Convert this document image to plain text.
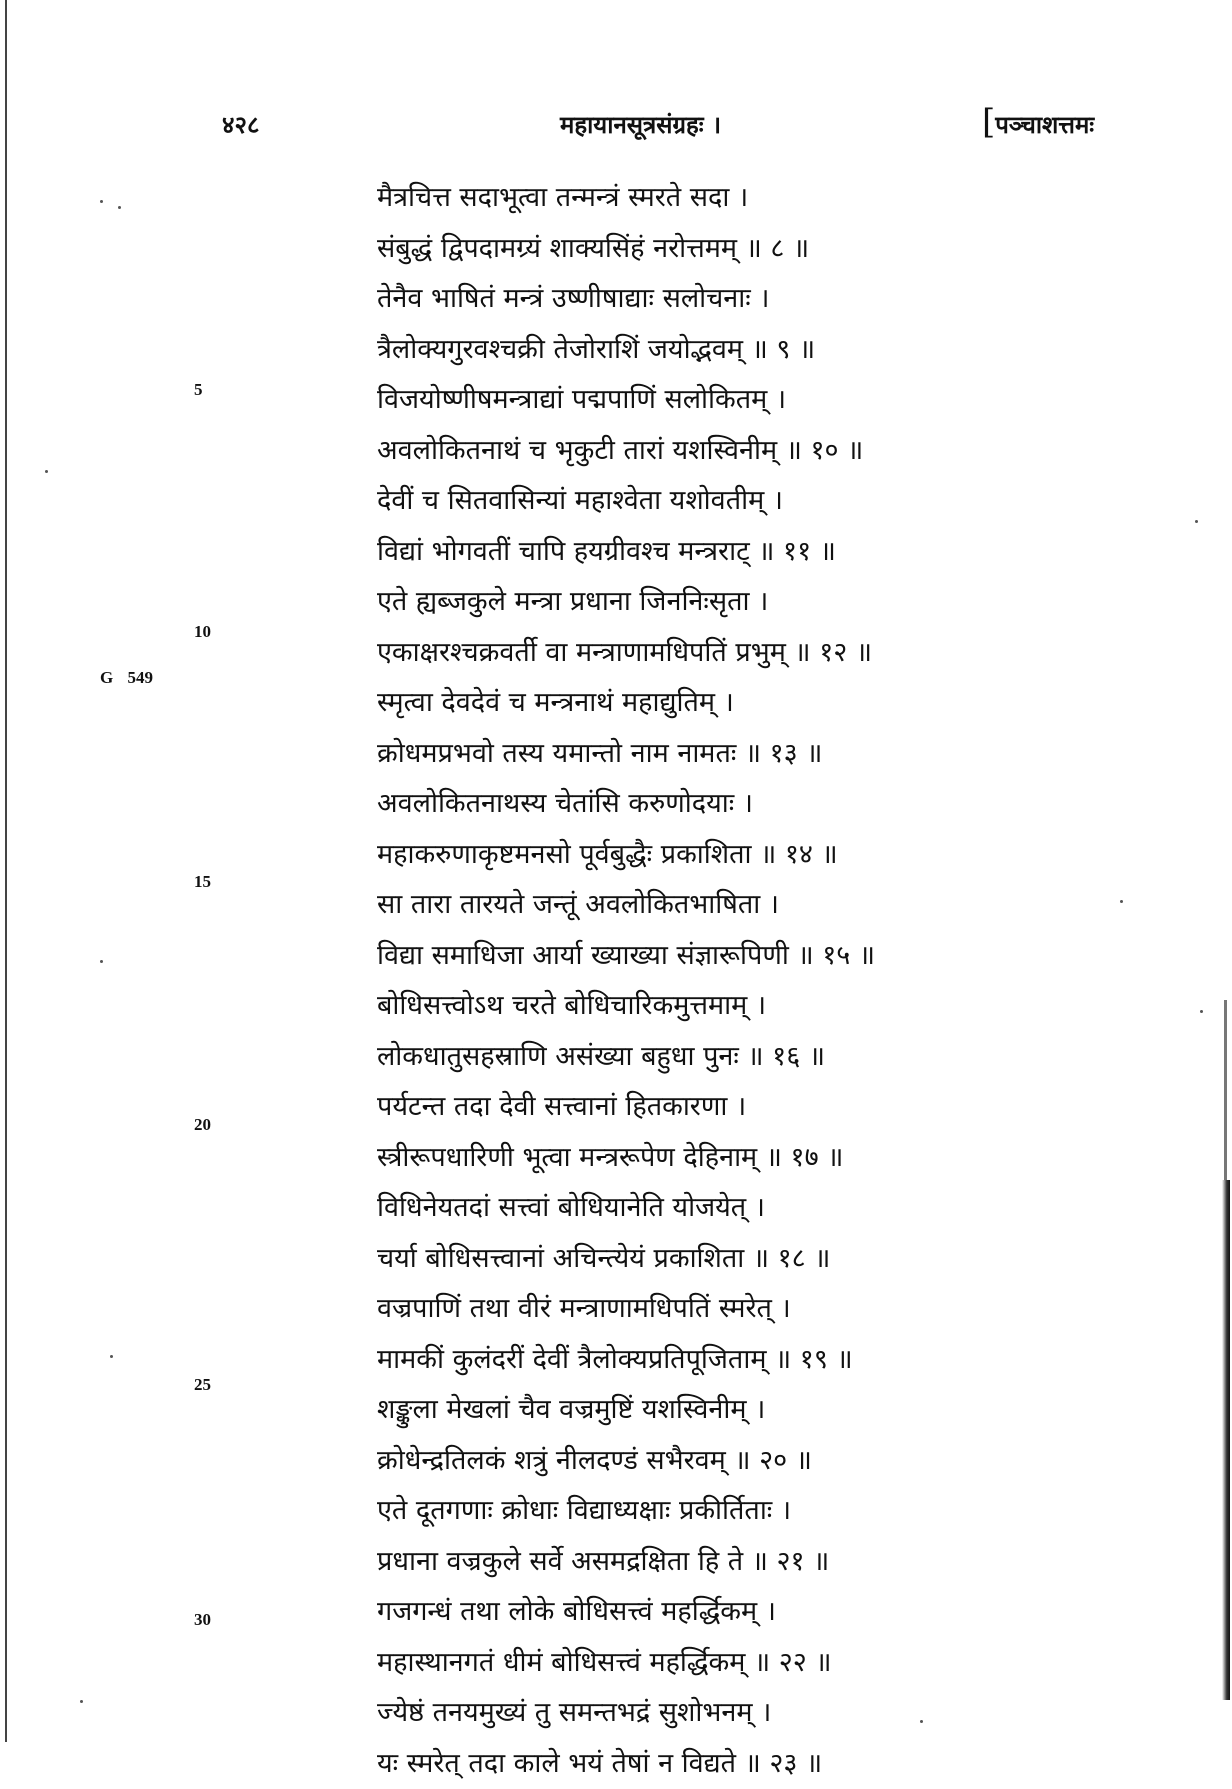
४२८	महायानसूत्रसंग्रहः ।	[पञ्चाशत्तमः
G 549
5
10
15
20
25
30
मैत्रचित्त सदाभूत्वा तन्मन्त्रं स्मरते सदा ।
संबुद्धं द्विपदामग्र्यं शाक्यसिंहं नरोत्तमम् ॥ ८ ॥
तेनैव भाषितं मन्त्रं उष्णीषाद्याः सलोचनाः ।
त्रैलोक्यगुरवश्चक्री तेजोराशिं जयोद्भवम् ॥ ९ ॥
विजयोष्णीषमन्त्राद्यां पद्मपाणिं सलोकितम् ।
अवलोकितनाथं च भृकुटी तारां यशस्विनीम् ॥ १० ॥
देवीं च सितवासिन्यां महाश्वेता यशोवतीम् ।
विद्यां भोगवतीं चापि हयग्रीवश्च मन्त्रराट् ॥ ११ ॥
एते ह्यब्जकुले मन्त्रा प्रधाना जिननिःसृता ।
एकाक्षरश्चक्रवर्ती वा मन्त्राणामधिपतिं प्रभुम् ॥ १२ ॥
स्मृत्वा देवदेवं च मन्त्रनाथं महाद्युतिम् ।
क्रोधमप्रभवो तस्य यमान्तो नाम नामतः ॥ १३ ॥
अवलोकितनाथस्य चेतांसि करुणोदयाः ।
महाकरुणाकृष्टमनसो पूर्वबुद्धैः प्रकाशिता ॥ १४ ॥
सा तारा तारयते जन्तूं अवलोकितभाषिता ।
विद्या समाधिजा आर्या ख्याख्या संज्ञारूपिणी ॥ १५ ॥
बोधिसत्त्वोऽथ चरते बोधिचारिकमुत्तमाम् ।
लोकधातुसहस्राणि असंख्या बहुधा पुनः ॥ १६ ॥
पर्यटन्त तदा देवी सत्त्वानां हितकारणा ।
स्त्रीरूपधारिणी भूत्वा मन्त्ररूपेण देहिनाम् ॥ १७ ॥
विधिनेयतदां सत्त्वां बोधियानेति योजयेत् ।
चर्या बोधिसत्त्वानां अचिन्त्येयं प्रकाशिता ॥ १८ ॥
वज्रपाणिं तथा वीरं मन्त्राणामधिपतिं स्मरेत् ।
मामकीं कुलंदरीं देवीं त्रैलोक्यप्रतिपूजिताम् ॥ १९ ॥
शङ्कुला मेखलां चैव वज्रमुष्टिं यशस्विनीम् ।
क्रोधेन्द्रतिलकं शत्रुं नीलदण्डं सभैरवम् ॥ २० ॥
एते दूतगणाः क्रोधाः विद्याध्यक्षाः प्रकीर्तिताः ।
प्रधाना वज्रकुले सर्वे असमद्रक्षिता हि ते ॥ २१ ॥
गजगन्धं तथा लोके बोधिसत्त्वं महर्द्धिकम् ।
महास्थानगतं धीमं बोधिसत्त्वं महर्द्धिकम् ॥ २२ ॥
ज्येष्ठं तनयमुख्यं तु समन्तभद्रं सुशोभनम् ।
यः स्मरेत् तदा काले भयं तेषां न विद्यते ॥ २३ ॥
